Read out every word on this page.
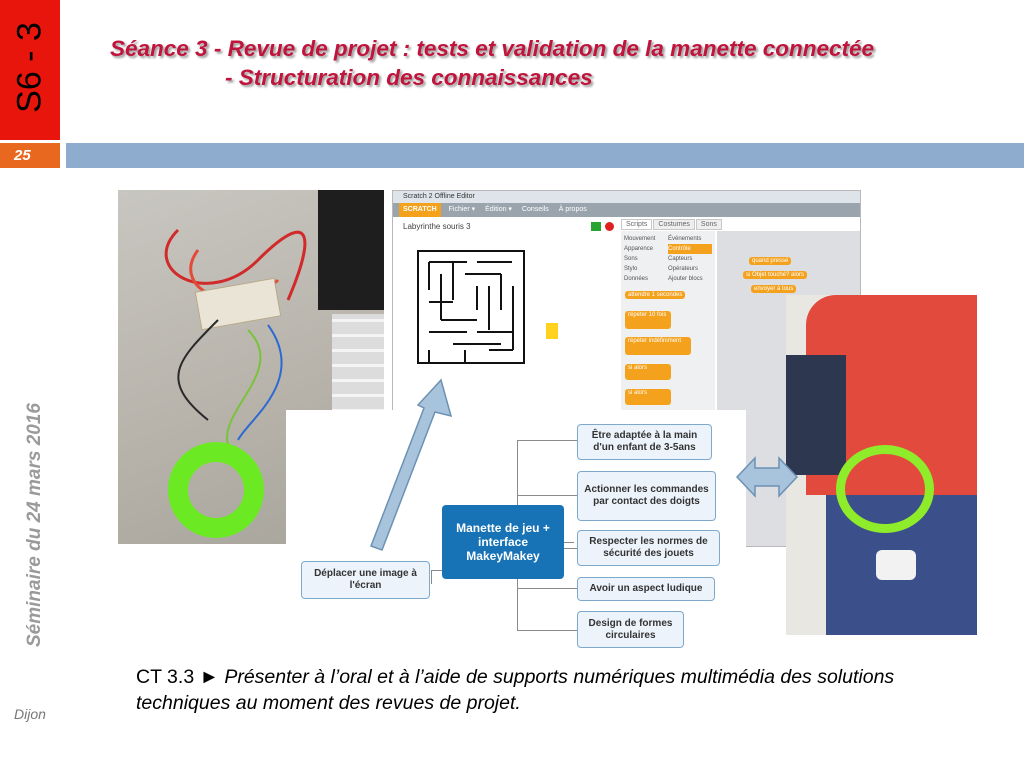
S6 - 3	Séance 3 - Revue de projet : tests et validation de la manette connectée
- Structuration des connaissances
25
Séminaire du 24 mars 2016
Dijon
Scratch 2 Offline Editor
SCRATCH Fichier ▾ Édition ▾ Conseils À propos
Labyrinthe souris 3	Scripts Costumes Sons
Mouvement	Événements
Apparence	Contrôle
Sons	Capteurs
Stylo	Opérateurs
Données	Ajouter blocs
attendre 1 secondes
répéter 10 fois
répéter indéfiniment
si alors
si alors
quand pressé
si Objet touché? alors
envoyer à tous
Manette de jeu + interface MakeyMakey
Déplacer une image à l'écran
Être adaptée à la main d'un enfant de 3-5ans
Actionner les commandes par contact des doigts
Respecter les normes de sécurité des jouets
Avoir un aspect ludique
Design de formes circulaires
CT 3.3 ► Présenter à l’oral et à l’aide de supports numériques multimédia des solutions techniques au moment des revues de projet.
